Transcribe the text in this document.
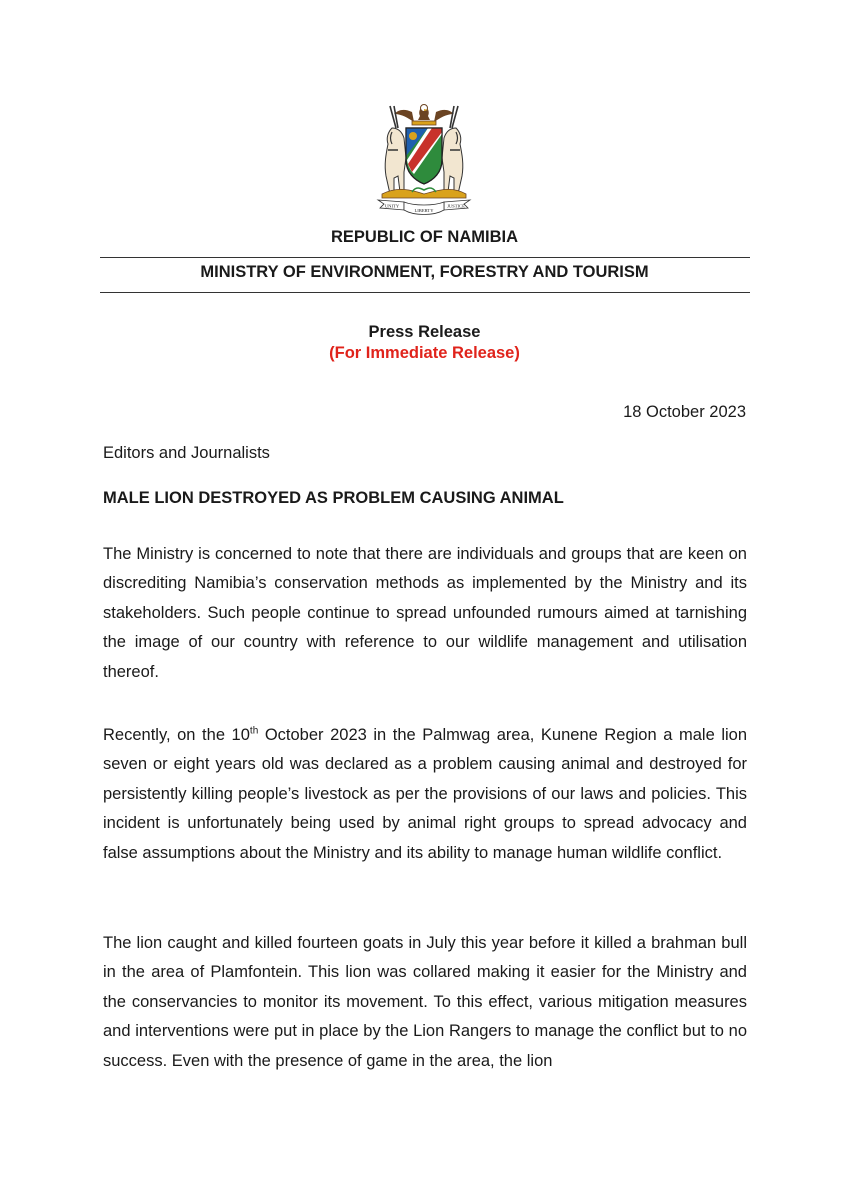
UNITY
LIBERTY
JUSTICE
REPUBLIC OF NAMIBIA
MINISTRY OF ENVIRONMENT, FORESTRY AND TOURISM
Press Release
(For Immediate Release)
18 October 2023
Editors and Journalists
MALE LION DESTROYED AS PROBLEM CAUSING ANIMAL
The Ministry is concerned to note that there are individuals and groups that are keen on discrediting Namibia’s conservation methods as implemented by the Ministry and its stakeholders. Such people continue to spread unfounded rumours aimed at tarnishing the image of our country with reference to our wildlife management and utilisation thereof.
Recently, on the 10th October 2023 in the Palmwag area, Kunene Region a male lion seven or eight years old was declared as a problem causing animal and destroyed for persistently killing people’s livestock as per the provisions of our laws and policies. This incident is unfortunately being used by animal right groups to spread advocacy and false assumptions about the Ministry and its ability to manage human wildlife conflict.
The lion caught and killed fourteen goats in July this year before it killed a brahman bull in the area of Plamfontein. This lion was collared making it easier for the Ministry and the conservancies to monitor its movement. To this effect, various mitigation measures and interventions were put in place by the Lion Rangers to manage the conflict but to no success. Even with the presence of game in the area, the lion
